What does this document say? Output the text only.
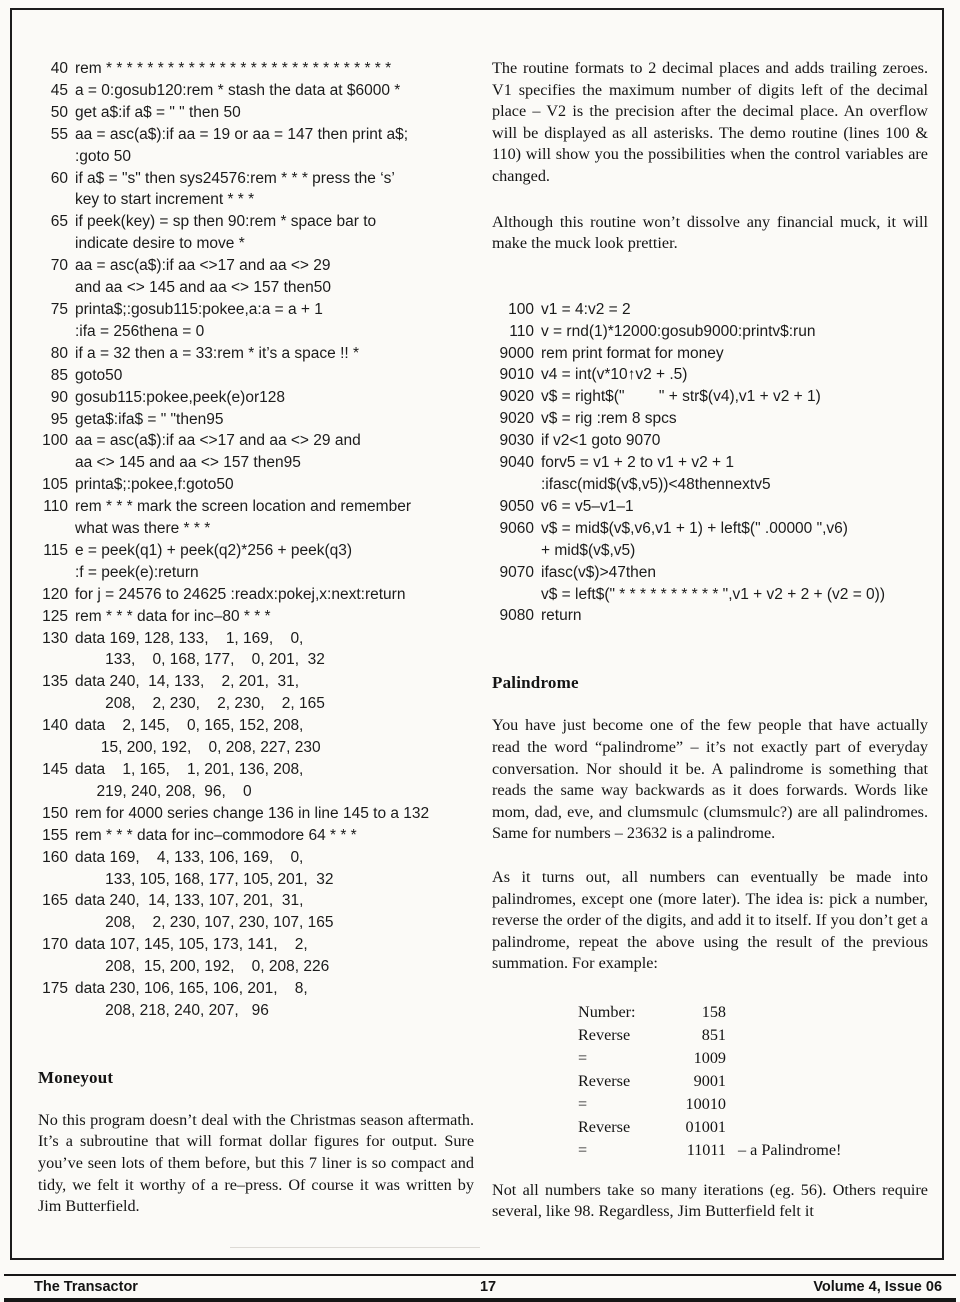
40 rem * * * * * * * * * * * * * * * * * * * * * * * * * * * *
45 a = 0:gosub120:rem * stash the data at $6000 *
50 get a$:if a$ = " " then 50
55 aa = asc(a$):if aa = 19 or aa = 147 then print a$;
:goto 50
60 if a$ = "s" then sys24576:rem * * * press the ‘s’
key to start increment * * *
65 if peek(key) = sp then 90:rem * space bar to
indicate desire to move *
70 aa = asc(a$):if aa <>17 and aa <> 29
and aa <> 145 and aa <> 157 then50
75 printa$;:gosub115:pokee,a:a = a + 1
:ifa = 256thena = 0
80 if a = 32 then a = 33:rem * it’s a space !! *
85 goto50
90 gosub115:pokee,peek(e)or128
95 geta$:ifa$ = " "then95
100 aa = asc(a$):if aa <>17 and aa <> 29 and
aa <> 145 and aa <> 157 then95
105 printa$;:pokee,f:goto50
110 rem * * * mark the screen location and remember
what was there * * *
115 e = peek(q1) + peek(q2)*256 + peek(q3)
:f = peek(e):return
120 for j = 24576 to 24625 :readx:pokej,x:next:return
125 rem * * * data for inc–80 * * *
130 data 169, 128, 133,    1, 169,    0,
133,    0, 168, 177,    0, 201,  32
135 data 240,  14, 133,    2, 201,  31,
208,    2, 230,    2, 230,    2, 165
140 data    2, 145,    0, 165, 152, 208,
15, 200, 192,    0, 208, 227, 230
145 data    1, 165,    1, 201, 136, 208,
219, 240, 208,  96,    0
150 rem for 4000 series change 136 in line 145 to a 132
155 rem * * * data for inc–commodore 64 * * *
160 data 169,    4, 133, 106, 169,    0,
133, 105, 168, 177, 105, 201,  32
165 data 240,  14, 133, 107, 201,  31,
208,    2, 230, 107, 230, 107, 165
170 data 107, 145, 105, 173, 141,    2,
208,  15, 200, 192,    0, 208, 226
175 data 230, 106, 165, 106, 201,    8,
208, 218, 240, 207,   96
Moneyout

No this program doesn’t deal with the Christmas season aftermath. It’s a subroutine that will format dollar figures for output. Sure you’ve seen lots of them before, but this 7 liner is so compact and tidy, we felt it worthy of a re–press. Of course it was written by Jim Butterfield.

The routine formats to 2 decimal places and adds trailing zeroes. V1 specifies the maximum number of digits left of the decimal place – V2 is the precision after the decimal place. An overflow will be displayed as all asterisks. The demo routine (lines 100 & 110) will show you the possibilities when the control variables are changed.

Although this routine won’t dissolve any financial muck, it will make the muck look prettier.

100 v1 = 4:v2 = 2
110 v = rnd(1)*12000:gosub9000:printv$:run
9000 rem print format for money
9010 v4 = int(v*10↑v2 + .5)
9020 v$ = right$("        " + str$(v4),v1 + v2 + 1)
9020 v$ = rig :rem 8 spcs
9030 if v2<1 goto 9070
9040 forv5 = v1 + 2 to v1 + v2 + 1
:ifasc(mid$(v$,v5))<48thennextv5
9050 v6 = v5–v1–1
9060 v$ = mid$(v$,v6,v1 + 1) + left$(" .00000 ",v6)
+ mid$(v$,v5)
9070 ifasc(v$)>47then
v$ = left$(" * * * * * * * * * * ",v1 + v2 + 2 + (v2 = 0))
9080 return
Palindrome

You have just become one of the few people that have actually read the word “palindrome” – it’s not exactly part of everyday conversation. Nor should it be. A palindrome is something that reads the same way backwards as it does forwards. Words like mom, dad, eve, and clumsmulc (clumsmulc?) are all palindromes. Same for numbers – 23632 is a palindrome.

As it turns out, all numbers can eventually be made into palindromes, except one (more later). The idea is: pick a number, reverse the order of the digits, and add it to itself. If you don’t get a palindrome, repeat the above using the result of the previous summation. For example:

Number:	158
Reverse	851
=	1009
Reverse	9001
=	10010
Reverse	01001
=	11011 – a Palindrome!

Not all numbers take so many iterations (eg. 56). Others require several, like 98. Regardless, Jim Butterfield felt it

The Transactor	17	Volume 4, Issue 06
